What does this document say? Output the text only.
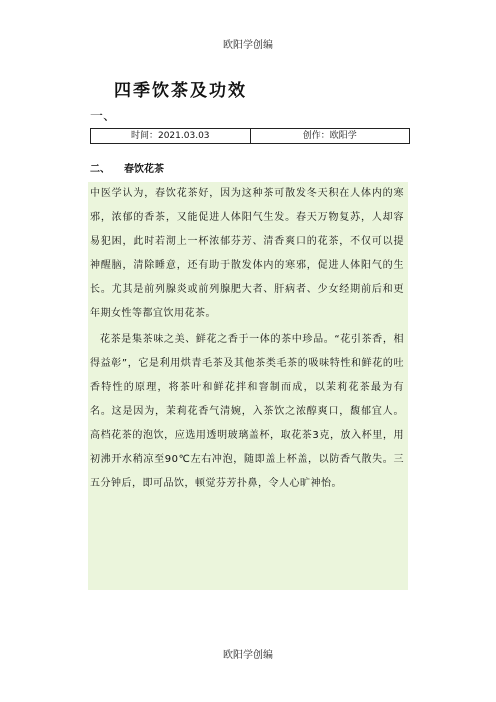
欧阳学创编
四季饮茶及功效
一、
时间：2021.03.03	创作：欧阳学
二、 春饮花茶

中医学认为，春饮花茶好，因为这种茶可散发冬天积在人体内的寒邪，浓郁的香茶，又能促进人体阳气生发。春天万物复苏，人却容易犯困，此时若沏上一杯浓郁芬芳、清香爽口的花茶，不仅可以提神醒脑，清除睡意，还有助于散发体内的寒邪，促进人体阳气的生长。尤其是前列腺炎或前列腺肥大者、肝病者、少女经期前后和更年期女性等都宜饮用花茶。

花茶是集茶味之美、鲜花之香于一体的茶中珍品。“花引茶香，相得益彰”，它是利用烘青毛茶及其他茶类毛茶的吸味特性和鲜花的吐香特性的原理，将茶叶和鲜花拌和窨制而成，以茉莉花茶最为有名。这是因为，茉莉花香气清婉，入茶饮之浓醇爽口，馥郁宜人。高档花茶的泡饮，应选用透明玻璃盖杯，取花茶3克，放入杯里，用初沸开水稍凉至90℃左右冲泡，随即盖上杯盖，以防香气散失。三五分钟后，即可品饮，顿觉芬芳扑鼻，令人心旷神怡。

欧阳学创编
